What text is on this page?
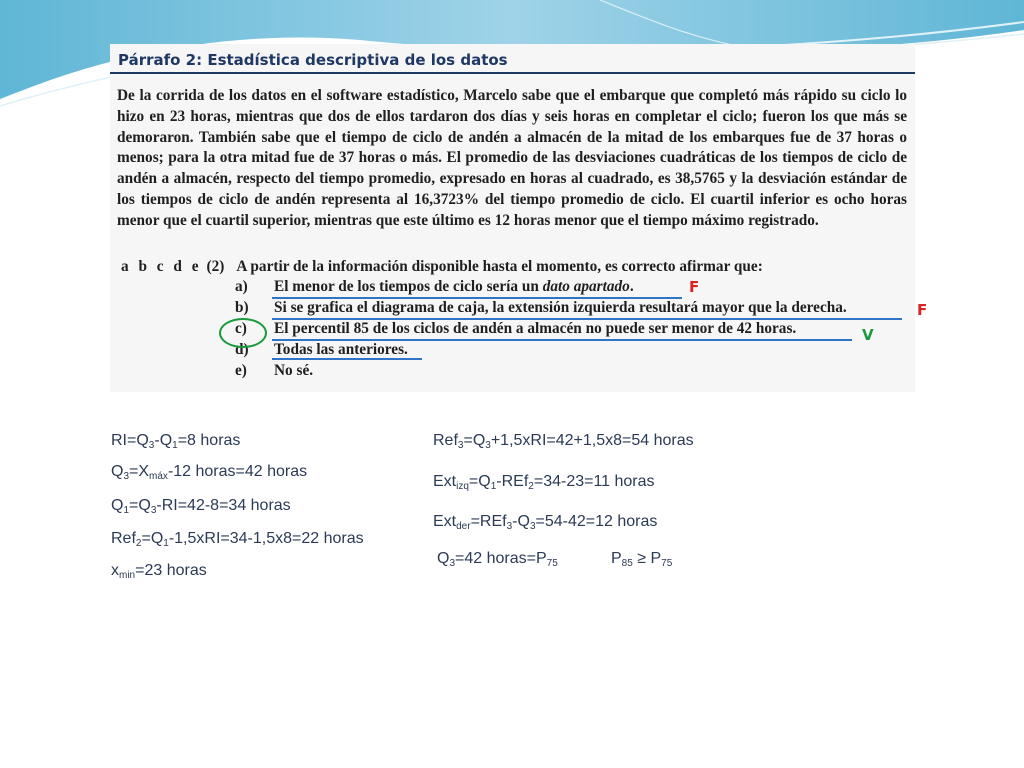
Párrafo 2: Estadística descriptiva de los datos

De la corrida de los datos en el software estadístico, Marcelo sabe que el embarque que completó más rápido su ciclo lo hizo en 23 horas, mientras que dos de ellos tardaron dos días y seis horas en completar el ciclo; fueron los que más se demoraron. También sabe que el tiempo de ciclo de andén a almacén de la mitad de los embarques fue de 37 horas o menos; para la otra mitad fue de 37 horas o más. El promedio de las desviaciones cuadráticas de los tiempos de ciclo de andén a almacén, respecto del tiempo promedio, expresado en horas al cuadrado, es 38,5765 y la desviación estándar de los tiempos de ciclo de andén representa al 16,3723% del tiempo promedio de ciclo. El cuartil inferior es ocho horas menor que el cuartil superior, mientras que este último es 12 horas menor que el tiempo máximo registrado.

a b c d e (2) A partir de la información disponible hasta el momento, es correcto afirmar que:

a) El menor de los tiempos de ciclo sería un dato apartado.

b) Si se grafica el diagrama de caja, la extensión izquierda resultará mayor que la derecha.

c) El percentil 85 de los ciclos de andén a almacén no puede ser menor de 42 horas.

d) Todas las anteriores.

e) No sé.

F
F
V

$RI=Q_3-Q_1=8$ horas

$Q_3=X_{máx}-12$ horas=42 horas

$Q_1=Q_3-RI=42-8=34$ horas

$Ref_2=Q_1-1,5xRI=34-1,5x8=22$ horas

$x_{min}=23$ horas

$Ref_3=Q_3+1,5xRI=42+1,5x8=54$ horas

$Ext_{izq}=Q_1-REf_2=34-23=11$ horas

$Ext_{der}=REf_3-Q_3=54-42=12$ horas

$Q_3=42$ $horas=P_{75}$	$P_{85} \ge P_{75}$
